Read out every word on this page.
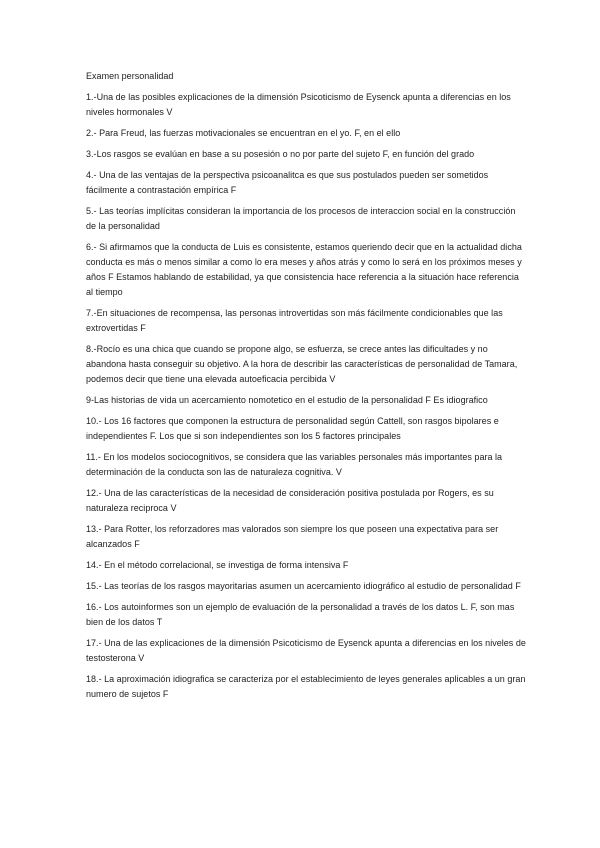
Examen personalidad
1.-Una de las posibles explicaciones de la dimensión Psicoticismo de Eysenck apunta a diferencias en los niveles hormonales V
2.- Para Freud, las fuerzas motivacionales se encuentran en el yo. F, en el ello
3.-Los rasgos se evalúan en base a su posesión o no por parte del sujeto F, en función del grado
4.- Una de las ventajas de la perspectiva psicoanalitca es que sus postulados pueden ser sometidos fácilmente a contrastación empírica F
5.- Las teorías implícitas consideran la importancia de los procesos de interaccion social en la construcción de la personalidad
6.- Si afirmamos que la conducta de Luis es consistente, estamos queriendo decir que en la actualidad dicha conducta es más o menos similar a como lo era meses y años atrás y como lo será en los próximos meses y años F Estamos hablando de estabilidad, ya que consistencia hace referencia a la situación hace referencia al tiempo
7.-En situaciones de recompensa, las personas introvertidas son más fácilmente condicionables que las extrovertidas F
8.-Rocío es una chica que cuando se propone algo, se esfuerza, se crece antes las dificultades y no abandona hasta conseguir su objetivo. A la hora de describir las características de personalidad de Tamara, podemos decir que tiene una elevada autoeficacia percibida V
9-Las historias de vida un acercamiento nomotetico en el estudio de la personalidad F Es idiografico
10.- Los 16 factores que componen la estructura de personalidad según Cattell, son rasgos bipolares e independientes F. Los que si son independientes son los 5 factores principales
11.- En los modelos sociocognitivos, se considera que las variables personales más importantes para la determinación de la conducta son las de naturaleza cognitiva. V
12.- Una de las características de la necesidad de consideración positiva postulada por Rogers, es su naturaleza reciproca V
13.- Para Rotter, los reforzadores mas valorados son siempre los que poseen una expectativa para ser alcanzados F
14.- En el método correlacional, se investiga de forma intensiva F
15.- Las teorías de los rasgos mayoritarias asumen un acercamiento idiográfico al estudio de personalidad F
16.- Los autoinformes son un ejemplo de evaluación de la personalidad a través de los datos L. F, son mas bien de los datos T
17.- Una de las explicaciones de la dimensión Psicoticismo de Eysenck apunta a diferencias en los niveles de testosterona V
18.- La aproximación idiografica se caracteriza por el establecimiento de leyes generales aplicables a un gran numero de sujetos F
